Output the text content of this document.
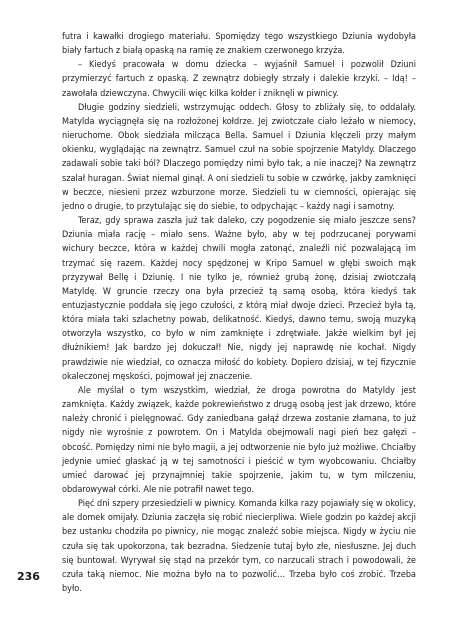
futra i kawałki drogiego materiału. Spomiędzy tego wszystkiego Dziunia wydobyła biały fartuch z białą opaską na ramię ze znakiem czerwonego krzyża.

– Kiedyś pracowała w domu dziecka – wyjaśnił Samuel i pozwolił Dziuni przymierzyć fartuch z opaską. Z zewnątrz dobiegły strzały i dalekie krzyki. – Idą! – zawołała dziewczyna. Chwycili więc kilka kołder i zniknęli w piwnicy.

Długie godziny siedzieli, wstrzymując oddech. Głosy to zbliżały się, to oddalały. Matylda wyciągnęła się na rozłożonej kołdrze. Jej zwiotczałe ciało leżało w niemocy, nieruchome. Obok siedziała milcząca Bella. Samuel i Dziunia klęczeli przy małym okienku, wyglądając na zewnątrz. Samuel czuł na sobie spojrzenie Matyldy. Dlaczego zadawali sobie taki ból? Dlaczego pomiędzy nimi było tak, a nie inaczej? Na zewnątrz szalał huragan. Świat niemal ginął. A oni siedzieli tu sobie w czwórkę, jakby zamknięci w beczce, niesieni przez wzburzone morze. Siedzieli tu w ciemności, opierając się jedno o drugie, to przytulając się do siebie, to odpychając – każdy nagi i samotny.

Teraz, gdy sprawa zaszła już tak daleko, czy pogodzenie się miało jeszcze sens? Dziunia miała rację – miało sens. Ważne było, aby w tej podrzucanej porywami wichury beczce, która w każdej chwili mogła zatonąć, znaleźli nić pozwalającą im trzymać się razem. Każdej nocy spędzonej w Kripo Samuel w głębi swoich mąk przyzywał Bellę i Dziunię. I nie tylko je, również grubą żonę, dzisiaj zwiotczałą Matyldę. W gruncie rzeczy ona była przecież tą samą osobą, która kiedyś tak entuzjastycznie poddała się jego czułości, z którą miał dwoje dzieci. Przecież była tą, która miała taki szlachetny powab, delikatność. Kiedyś, dawno temu, swoją muzyką otworzyła wszystko, co było w nim zamknięte i zdrętwiałe. Jakże wielkim był jej dłużnikiem! Jak bardzo jej dokuczał! Nie, nigdy jej naprawdę nie kochał. Nigdy prawdziwie nie wiedział, co oznacza miłość do kobiety. Dopiero dzisiaj, w tej fizycznie okaleczonej męskości, pojmował jej znaczenie.

Ale myślał o tym wszystkim, wiedział, że droga powrotna do Matyldy jest zamknięta. Każdy związek, każde pokrewieństwo z drugą osobą jest jak drzewo, które należy chronić i pielęgnować. Gdy zaniedbana gałąź drzewa zostanie złamana, to już nigdy nie wyrośnie z powrotem. On i Matylda obejmowali nagi pień bez gałęzi – obcość. Pomiędzy nimi nie było magii, a jej odtworzenie nie było już możliwe. Chciałby jedynie umieć głaskać ją w tej samotności i pieścić w tym wyobcowaniu. Chciałby umieć darować jej przynajmniej takie spojrzenie, jakim tu, w tym milczeniu, obdarowywał córki. Ale nie potrafił nawet tego.

Pięć dni szpery przesiedzieli w piwnicy. Komanda kilka razy pojawiały się w okolicy, ale domek omijały. Dziunia zaczęła się robić niecierpliwa. Wiele godzin po każdej akcji bez ustanku chodziła po piwnicy, nie mogąc znaleźć sobie miejsca. Nigdy w życiu nie czuła się tak upokorzona, tak bezradna. Siedzenie tutaj było złe, niesłuszne. Jej duch się buntował. Wyrywał się stąd na przekór tym, co narzucali strach i powodowali, że czuła taką niemoc. Nie można było na to pozwolić… Trzeba było coś zrobić. Trzeba było.

236
